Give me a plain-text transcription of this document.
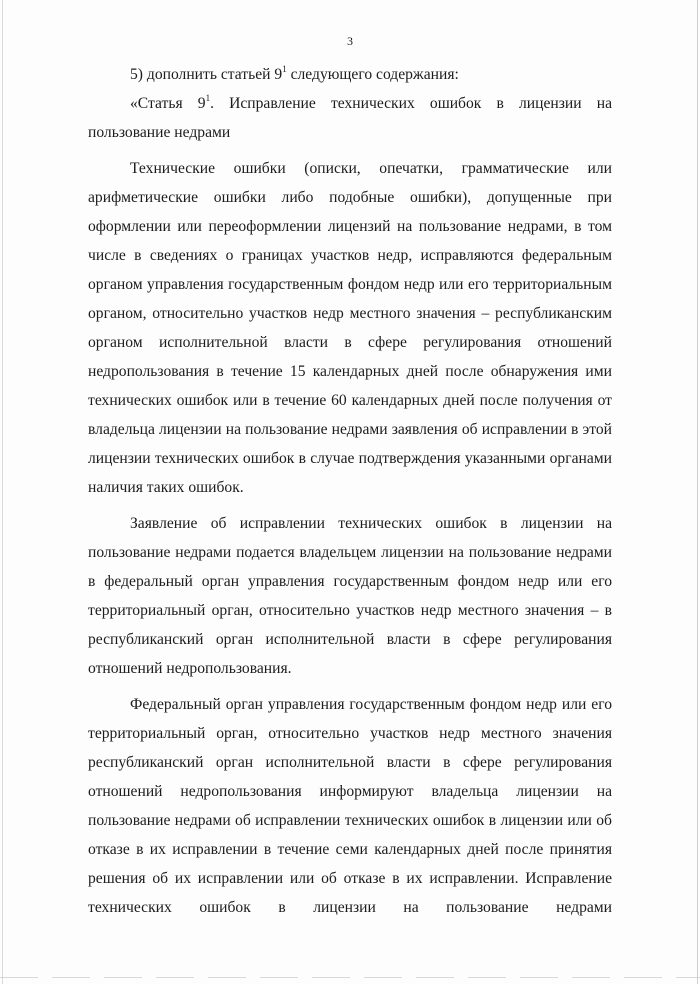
3

5) дополнить статьей $9^1$ следующего содержания:

«Статья $9^1$. Исправление технических ошибок в лицензии на пользование недрами

Технические ошибки (описки, опечатки, грамматические или арифметические ошибки либо подобные ошибки), допущенные при оформлении или переоформлении лицензий на пользование недрами, в том числе в сведениях о границах участков недр, исправляются федеральным органом управления государственным фондом недр или его территориальным органом, относительно участков недр местного значения – республиканским органом исполнительной власти в сфере регулирования отношений недропользования в течение 15 календарных дней после обнаружения ими технических ошибок или в течение 60 календарных дней после получения от владельца лицензии на пользование недрами заявления об исправлении в этой лицензии технических ошибок в случае подтверждения указанными органами наличия таких ошибок.

Заявление об исправлении технических ошибок в лицензии на пользование недрами подается владельцем лицензии на пользование недрами в федеральный орган управления государственным фондом недр или его территориальный орган, относительно участков недр местного значения – в республиканский орган исполнительной власти в сфере регулирования отношений недропользования.

Федеральный орган управления государственным фондом недр или его территориальный орган, относительно участков недр местного значения республиканский орган исполнительной власти в сфере регулирования отношений недропользования информируют владельца лицензии на пользование недрами об исправлении технических ошибок в лицензии или об отказе в их исправлении в течение семи календарных дней после принятия решения об их исправлении или об отказе в их исправлении. Исправление технических ошибок в лицензии на пользование недрами
